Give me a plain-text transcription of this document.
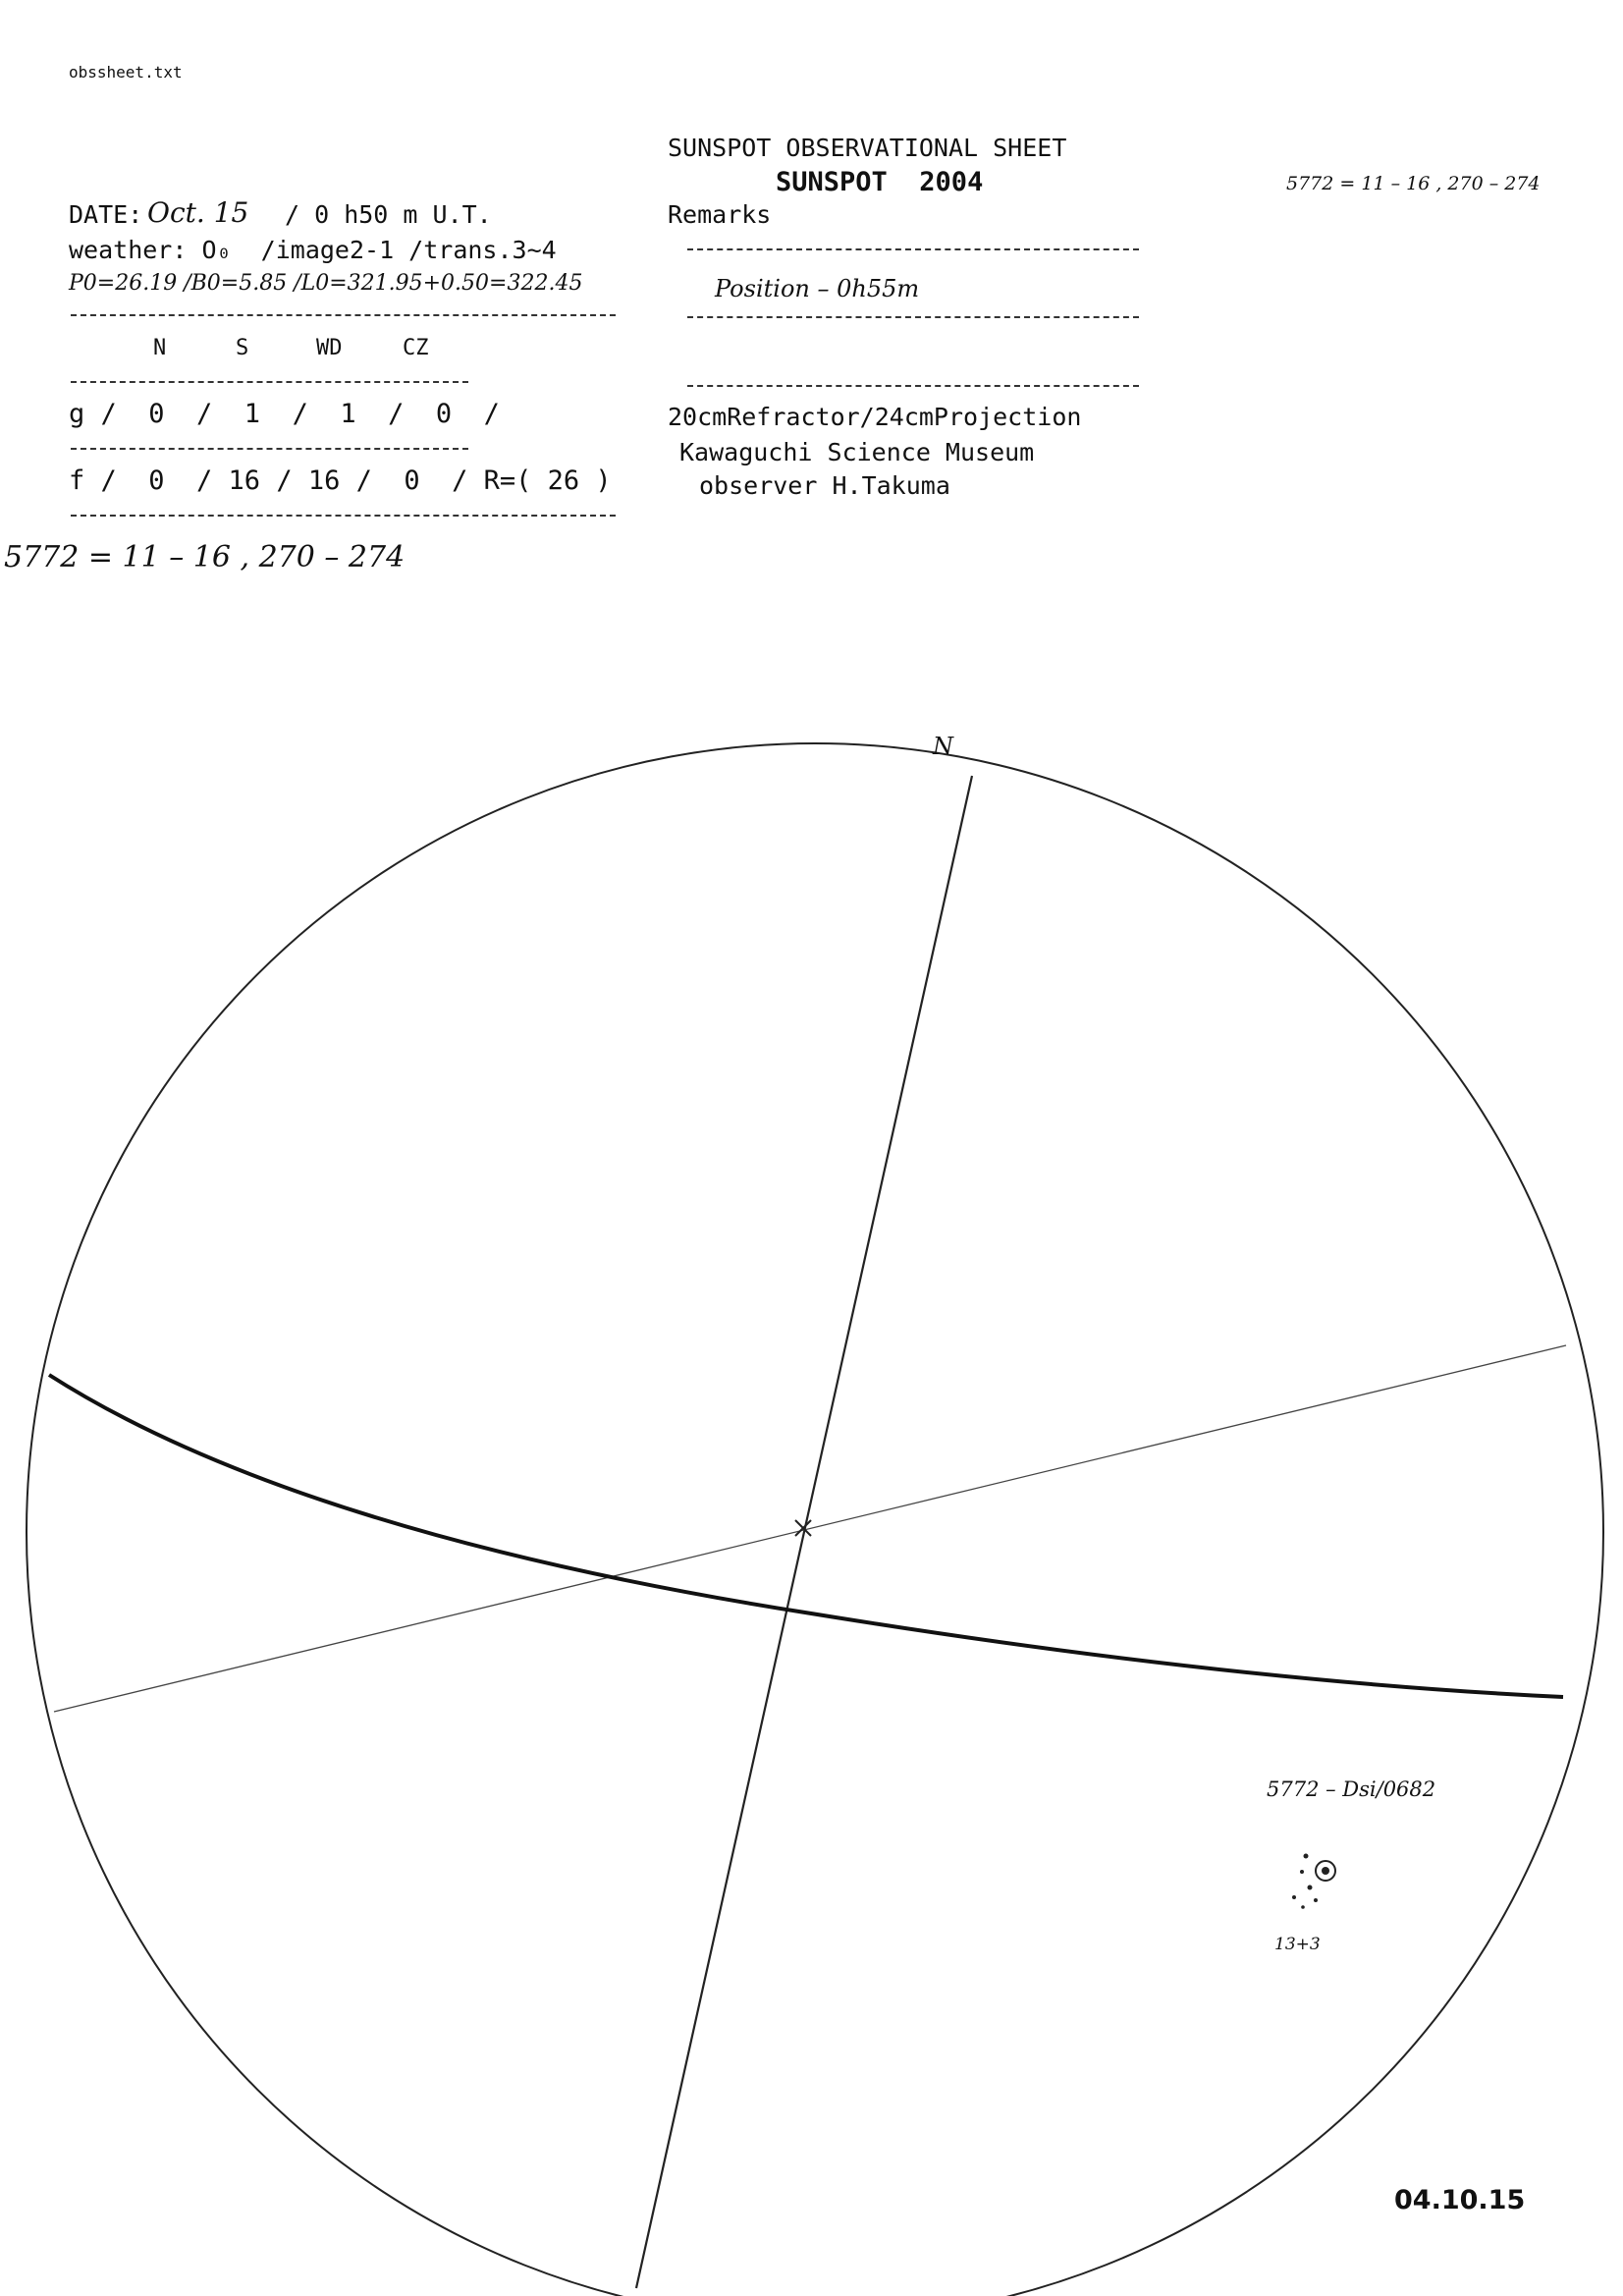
obssheet.txt
SUNSPOT OBSERVATIONAL SHEET
SUNSPOT  2004	5772 = 11 – 16 , 270 – 274
DATE: Oct. 15 / 0 h50 m U.T.
weather: O₀  /image2-1 /trans.3~4
P0=26.19 /B0=5.85 /L0=321.95+0.50=322.45
N	S	WD	CZ
g /  0  /  1  /  1  /  0  /
f /  0  / 16 / 16 /  0  / R=( 26 )
5772 = 11 – 16 , 270 – 274
Remarks
Position – 0h55m
20cmRefractor/24cmProjection
Kawaguchi Science Museum
observer H.Takuma
N
5772 – Dsi/0682
13+3
04.10.15
